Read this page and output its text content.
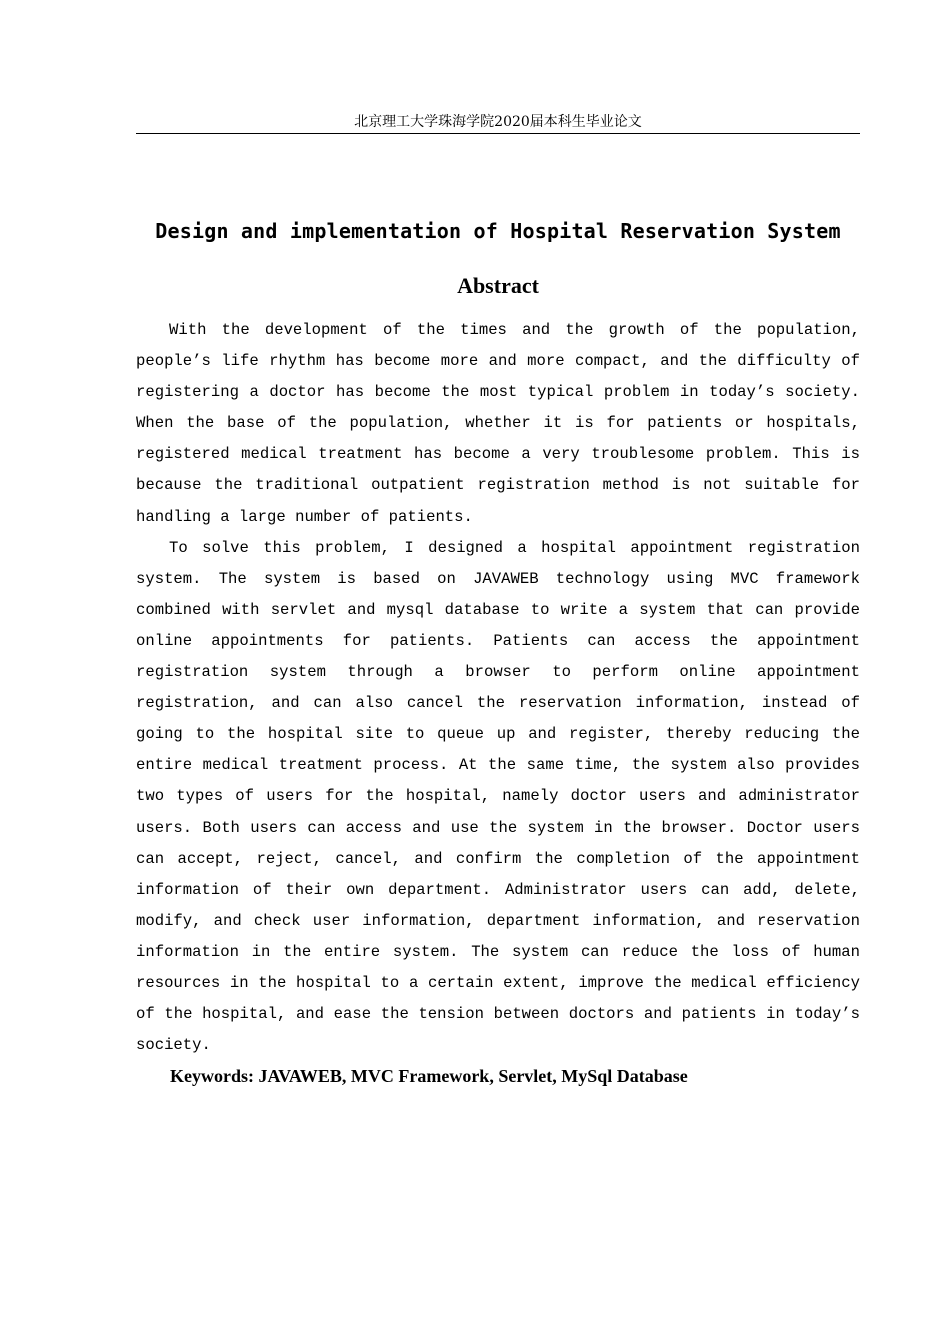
北京理工大学珠海学院2020届本科生毕业论文
Design and implementation of Hospital Reservation System
Abstract

With the development of the times and the growth of the population, people’s life rhythm has become more and more compact, and the difficulty of registering a doctor has become the most typical problem in today’s society. When the base of the population, whether it is for patients or hospitals, registered medical treatment has become a very troublesome problem. This is because the traditional outpatient registration method is not suitable for handling a large number of patients.

To solve this problem, I designed a hospital appointment registration system. The system is based on JAVAWEB technology using MVC framework combined with servlet and mysql database to write a system that can provide online appointments for patients. Patients can access the appointment registration system through a browser to perform online appointment registration, and can also cancel the reservation information, instead of going to the hospital site to queue up and register, thereby reducing the entire medical treatment process. At the same time, the system also provides two types of users for the hospital, namely doctor users and administrator users. Both users can access and use the system in the browser. Doctor users can accept, reject, cancel, and confirm the completion of the appointment information of their own department. Administrator users can add, delete, modify, and check user information, department information, and reservation information in the entire system. The system can reduce the loss of human resources in the hospital to a certain extent, improve the medical efficiency of the hospital, and ease the tension between doctors and patients in today’s society.

Keywords: JAVAWEB, MVC Framework, Servlet, MySql Database
